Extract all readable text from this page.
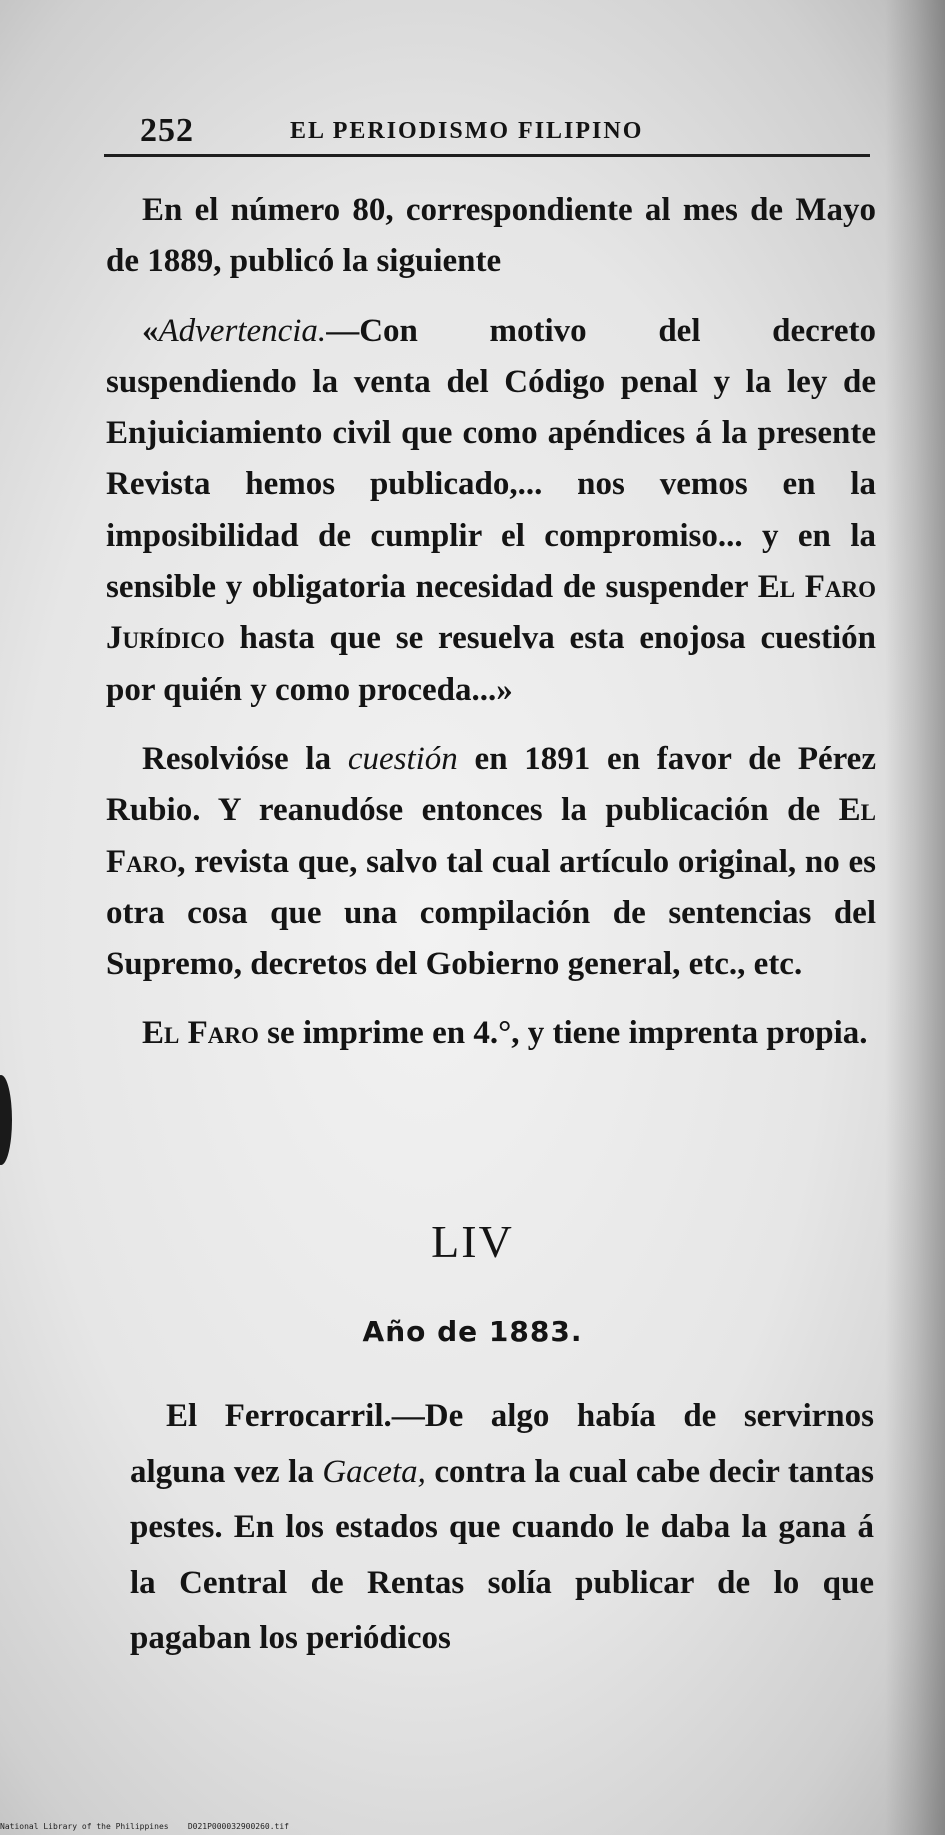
252	EL PERIODISMO FILIPINO

En el número 80, correspondiente al mes de Mayo de 1889, publicó la siguiente

«Advertencia.—Con motivo del decreto suspendiendo la venta del Código penal y la ley de Enjuiciamiento civil que como apéndices á la presente Revista hemos publicado,... nos vemos en la imposibilidad de cumplir el compromiso... y en la sensible y obligatoria necesidad de suspender El Faro Jurídico hasta que se resuelva esta enojosa cuestión por quién y como proceda...»

Resolvióse la cuestión en 1891 en favor de Pérez Rubio. Y reanudóse entonces la publicación de El Faro, revista que, salvo tal cual artículo original, no es otra cosa que una compilación de sentencias del Supremo, decretos del Gobierno general, etc., etc.

El Faro se imprime en 4.°, y tiene imprenta propia.

LIV
Año de 1883.

El Ferrocarril.—De algo había de servirnos alguna vez la Gaceta, contra la cual cabe decir tantas pestes. En los estados que cuando le daba la gana á la Central de Rentas solía publicar de lo que pagaban los periódicos

National Library of the Philippines D021P000032900260.tif
